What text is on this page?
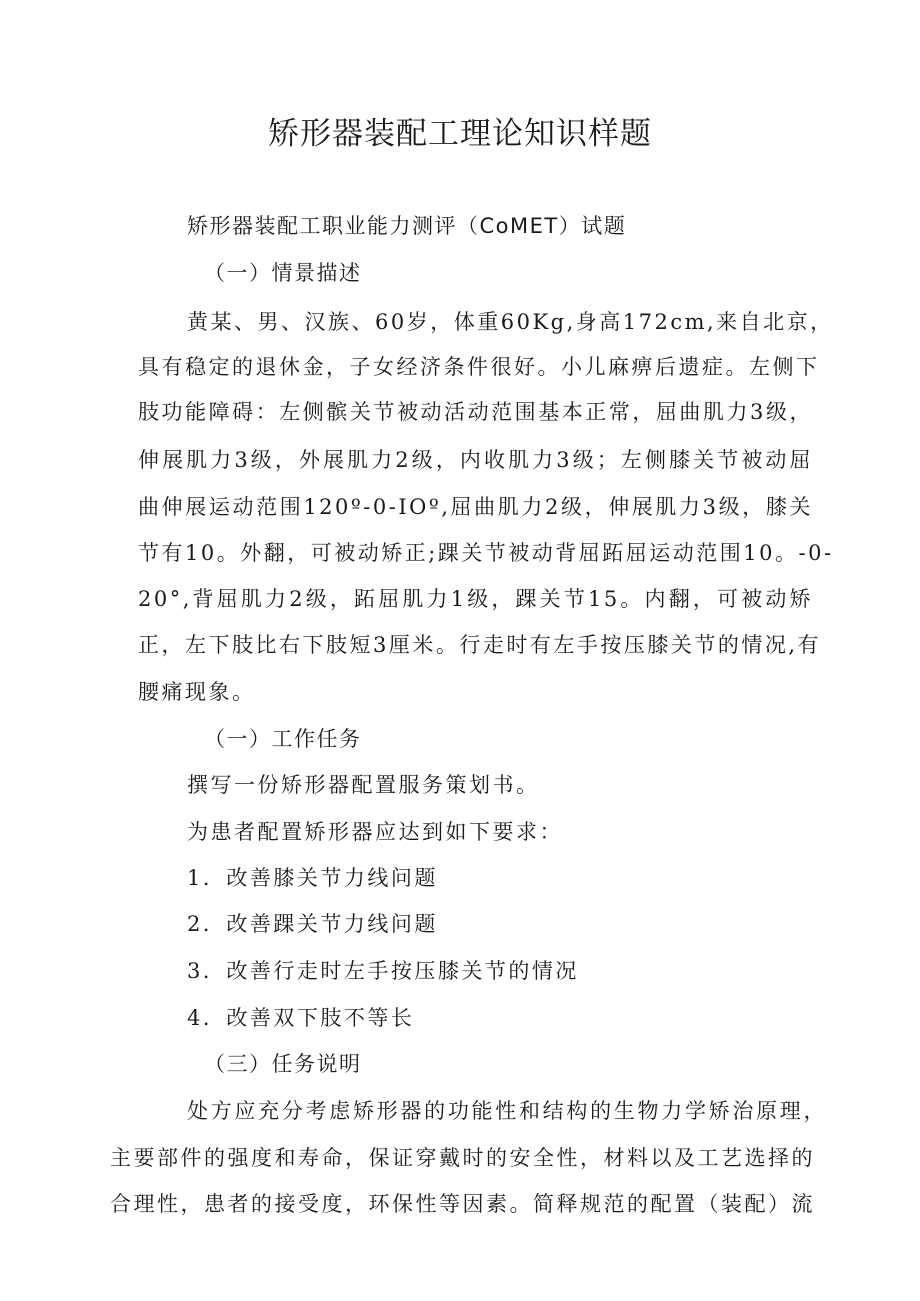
矫形器装配工理论知识样题
矫形器装配工职业能力测评（CoMET）试题
（一）情景描述
黄某、男、汉族、60岁，体重60Kg,身高172cm,来自北京，
具有稳定的退休金，子女经济条件很好。小儿麻痹后遗症。左侧下
肢功能障碍：左侧髌关节被动活动范围基本正常，屈曲肌力3级，
伸展肌力3级，外展肌力2级，内收肌力3级；左侧膝关节被动屈
曲伸展运动范围120º-0-IOº,屈曲肌力2级，伸展肌力3级，膝关
节有10。外翻，可被动矫正;踝关节被动背屈跖屈运动范围10。-0-
20°,背屈肌力2级，跖屈肌力1级，踝关节15。内翻，可被动矫
正，左下肢比右下肢短3厘米。行走时有左手按压膝关节的情况,有
腰痛现象。
（一）工作任务
撰写一份矫形器配置服务策划书。
为患者配置矫形器应达到如下要求：
1．改善膝关节力线问题
2．改善踝关节力线问题
3．改善行走时左手按压膝关节的情况
4．改善双下肢不等长
（三）任务说明
处方应充分考虑矫形器的功能性和结构的生物力学矫治原理，
主要部件的强度和寿命，保证穿戴时的安全性，材料以及工艺选择的
合理性，患者的接受度，环保性等因素。简释规范的配置（装配）流
